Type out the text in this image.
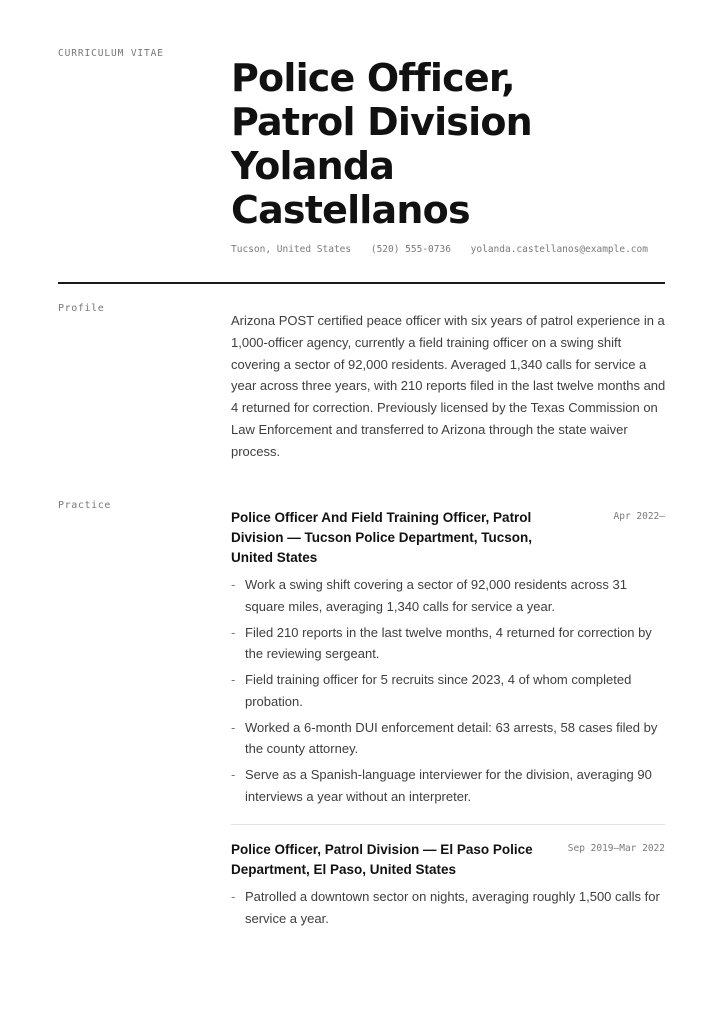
CURRICULUM VITAE
Police Officer,
Patrol Division
Yolanda
Castellanos
Tucson, United States (520) 555-0736 yolanda.castellanos@example.com
Profile

Arizona POST certified peace officer with six years of patrol experience in a 1,000-officer agency, currently a field training officer on a swing shift covering a sector of 92,000 residents. Averaged 1,340 calls for service a year across three years, with 210 reports filed in the last twelve months and 4 returned for correction. Previously licensed by the Texas Commission on Law Enforcement and transferred to Arizona through the state waiver process.

Practice
Police Officer And Field Training Officer, Patrol Division — Tucson Police Department, Tucson, United States
Apr 2022–
- Work a swing shift covering a sector of 92,000 residents across 31 square miles, averaging 1,340 calls for service a year.
- Filed 210 reports in the last twelve months, 4 returned for correction by the reviewing sergeant.
- Field training officer for 5 recruits since 2023, 4 of whom completed probation.
- Worked a 6-month DUI enforcement detail: 63 arrests, 58 cases filed by the county attorney.
- Serve as a Spanish-language interviewer for the division, averaging 90 interviews a year without an interpreter.
Police Officer, Patrol Division — El Paso Police Department, El Paso, United States
Sep 2019–Mar 2022
- Patrolled a downtown sector on nights, averaging roughly 1,500 calls for service a year.
